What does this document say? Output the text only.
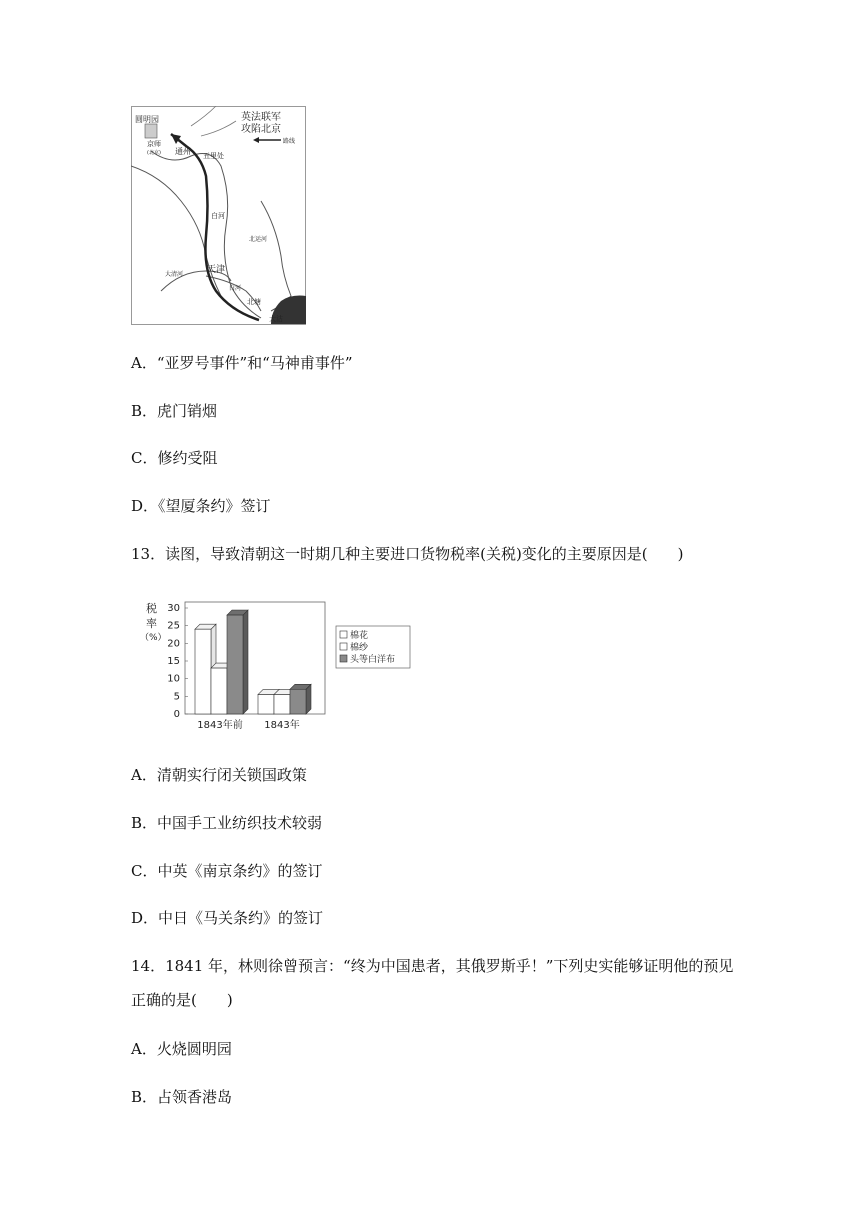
英法联军
攻陷北京
路线
圆明园
京师
(北京) 通州 五里处
白河
北运河
大清河	天津
白河
北塘
大沽
A．“亚罗号事件”和“马神甫事件”
B．虎门销烟
C．修约受阻
D．《望厦条约》签订
13．读图，导致清朝这一时期几种主要进口货物税率(关税)变化的主要原因是(　　)
税
率
（%）
0
5
10
15
20
25
30
1843年前 1843年
棉花
棉纱
头等白洋布
A．清朝实行闭关锁国政策
B．中国手工业纺织技术较弱
C．中英《南京条约》的签订
D．中日《马关条约》的签订
14．1841 年，林则徐曾预言：“终为中国患者，其俄罗斯乎！”下列史实能够证明他的预见
正确的是(　　)
A．火烧圆明园
B．占领香港岛
